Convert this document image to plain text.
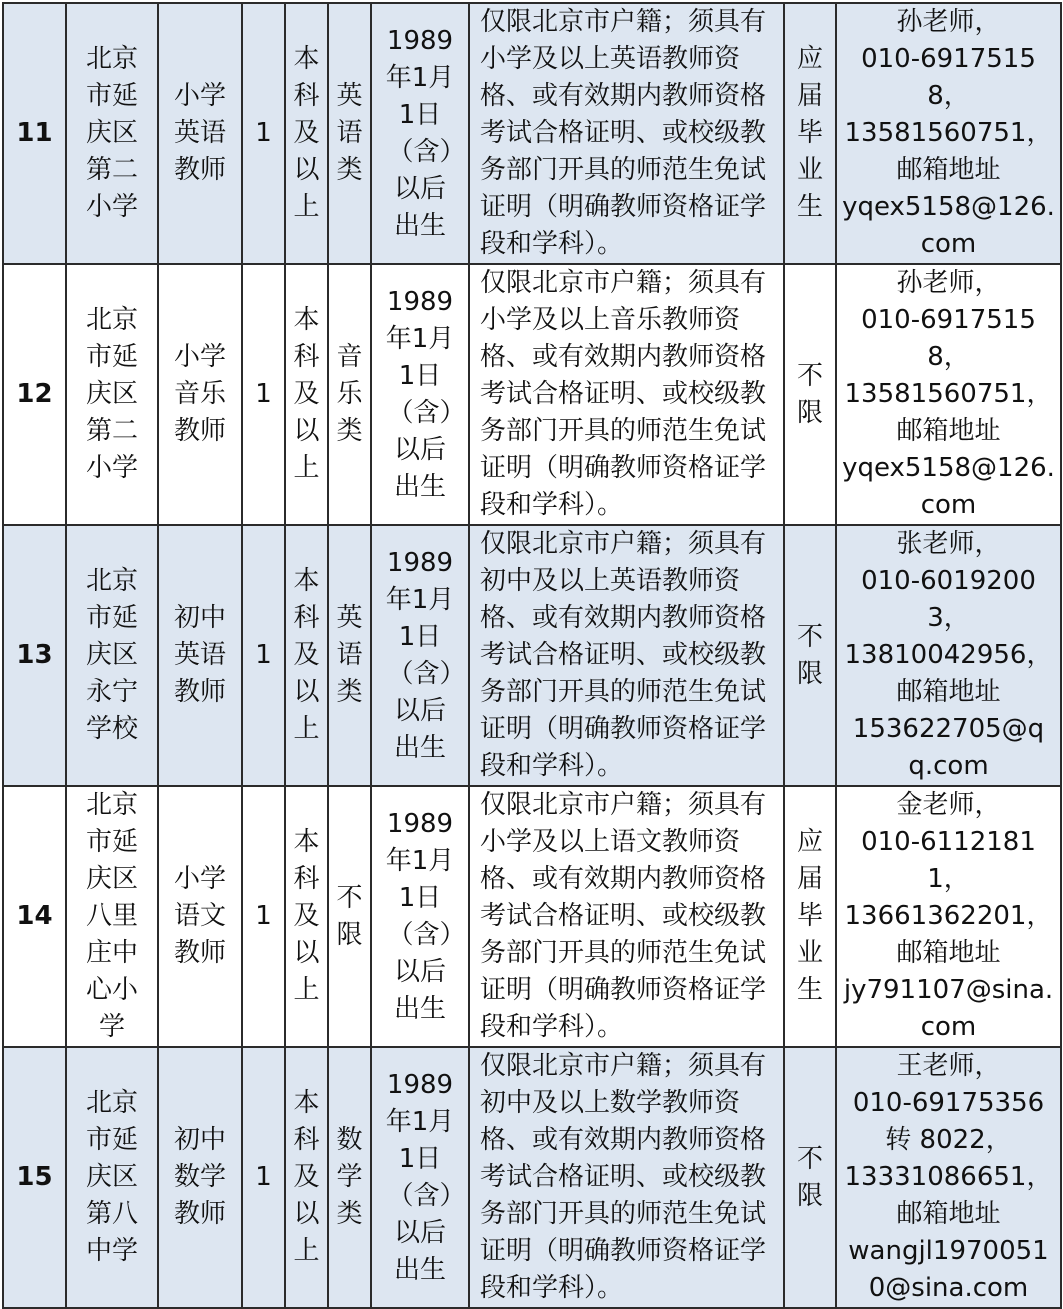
11	北京市延庆区第二小学	小学英语教师	1	本科及以上	英语类	1989年1月1日（含）以后出生	仅限北京市户籍；须具有小学及以上英语教师资格、或有效期内教师资格考试合格证明、或校级教务部门开具的师范生免试证明（明确教师资格证学段和学科）。	应届毕业生	孙老师，
010-69175158，
13581560751，
邮箱地址
yqex5158@126.com

12	北京市延庆区第二小学	小学音乐教师	1	本科及以上	音乐类	1989年1月1日（含）以后出生	仅限北京市户籍；须具有小学及以上音乐教师资格、或有效期内教师资格考试合格证明、或校级教务部门开具的师范生免试证明（明确教师资格证学段和学科）。	不限	孙老师，
010-69175158，
13581560751，
邮箱地址
yqex5158@126.com

13	北京市延庆区永宁学校	初中英语教师	1	本科及以上	英语类	1989年1月1日（含）以后出生	仅限北京市户籍；须具有初中及以上英语教师资格、或有效期内教师资格考试合格证明、或校级教务部门开具的师范生免试证明（明确教师资格证学段和学科）。	不限	张老师，
010-60192003，
13810042956，
邮箱地址
153622705@qq.com

14	北京市延庆区八里庄中心小学	小学语文教师	1	本科及以上	不限	1989年1月1日（含）以后出生	仅限北京市户籍；须具有小学及以上语文教师资格、或有效期内教师资格考试合格证明、或校级教务部门开具的师范生免试证明（明确教师资格证学段和学科）。	应届毕业生	金老师，
010-61121811，
13661362201，
邮箱地址
jy791107@sina.com

15	北京市延庆区第八中学	初中数学教师	1	本科及以上	数学类	1989年1月1日（含）以后出生	仅限北京市户籍；须具有初中及以上数学教师资格、或有效期内教师资格考试合格证明、或校级教务部门开具的师范生免试证明（明确教师资格证学段和学科）。	不限	王老师，
010-69175356 转 8022，
13331086651，
邮箱地址
wangjl19700510@sina.com
